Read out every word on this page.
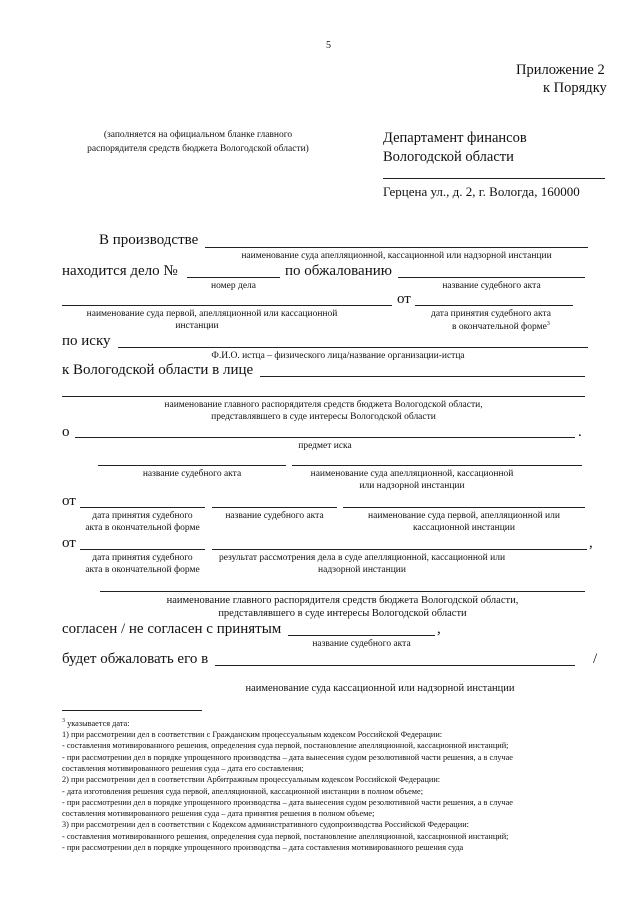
5
Приложение 2
к Порядку
(заполняется на официальном бланке главного
распорядителя средств бюджета Вологодской области)
Департамент финансов
Вологодской области
Герцена ул., д. 2, г. Вологда, 160000
В производстве
наименование суда апелляционной, кассационной или надзорной инстанции
находится дело №	по обжалованию
номер дела	название судебного акта
от
наименование суда первой, апелляционной или кассационной
инстанции
дата принятия судебного акта
в окончательной форме$^3$
по иску
Ф.И.О. истца – физического лица/название организации-истца
к Вологодской области в лице
наименование главного распорядителя средств бюджета Вологодской области,
представлявшего в суде интересы Вологодской области
о	.
предмет иска
название судебного акта	наименование суда апелляционной, кассационной
или надзорной инстанции
от
дата принятия судебного
акта в окончательной форме
название судебного акта	наименование суда первой, апелляционной или
кассационной инстанции
от	,
дата принятия судебного
акта в окончательной форме
результат рассмотрения дела в суде апелляционной, кассационной или
надзорной инстанции
наименование главного распорядителя средств бюджета Вологодской области,
представлявшего в суде интересы Вологодской области
согласен / не согласен с принятым	,
название судебного акта
будет обжаловать его в	/
наименование суда кассационной или надзорной инстанции
$^3$ указывается дата:
1) при рассмотрении дел в соответствии с Гражданским процессуальным кодексом Российской Федерации:
- составления мотивированного решения, определения суда первой, постановление апелляционной, кассационной инстанций;
- при рассмотрении дел в порядке упрощенного производства – дата вынесения судом резолютивной части решения, а в случае
составления мотивированного решения суда – дата его составления;
2) при рассмотрении дел в соответствии Арбитражным процессуальным кодексом Российской Федерации:
- дата изготовления решения суда первой, апелляционной, кассационной инстанции в полном объеме;
- при рассмотрении дел в порядке упрощенного производства – дата вынесения судом резолютивной части решения, а в случае
составления мотивированного решения суда – дата принятия решения в полном объеме;
3) при рассмотрении дел в соответствии с Кодексом административного судопроизводства Российской Федерации:
- составления мотивированного решения, определения суда первой, постановление апелляционной, кассационной инстанций;
- при рассмотрении дел в порядке упрощенного производства – дата составления мотивированного решения суда
